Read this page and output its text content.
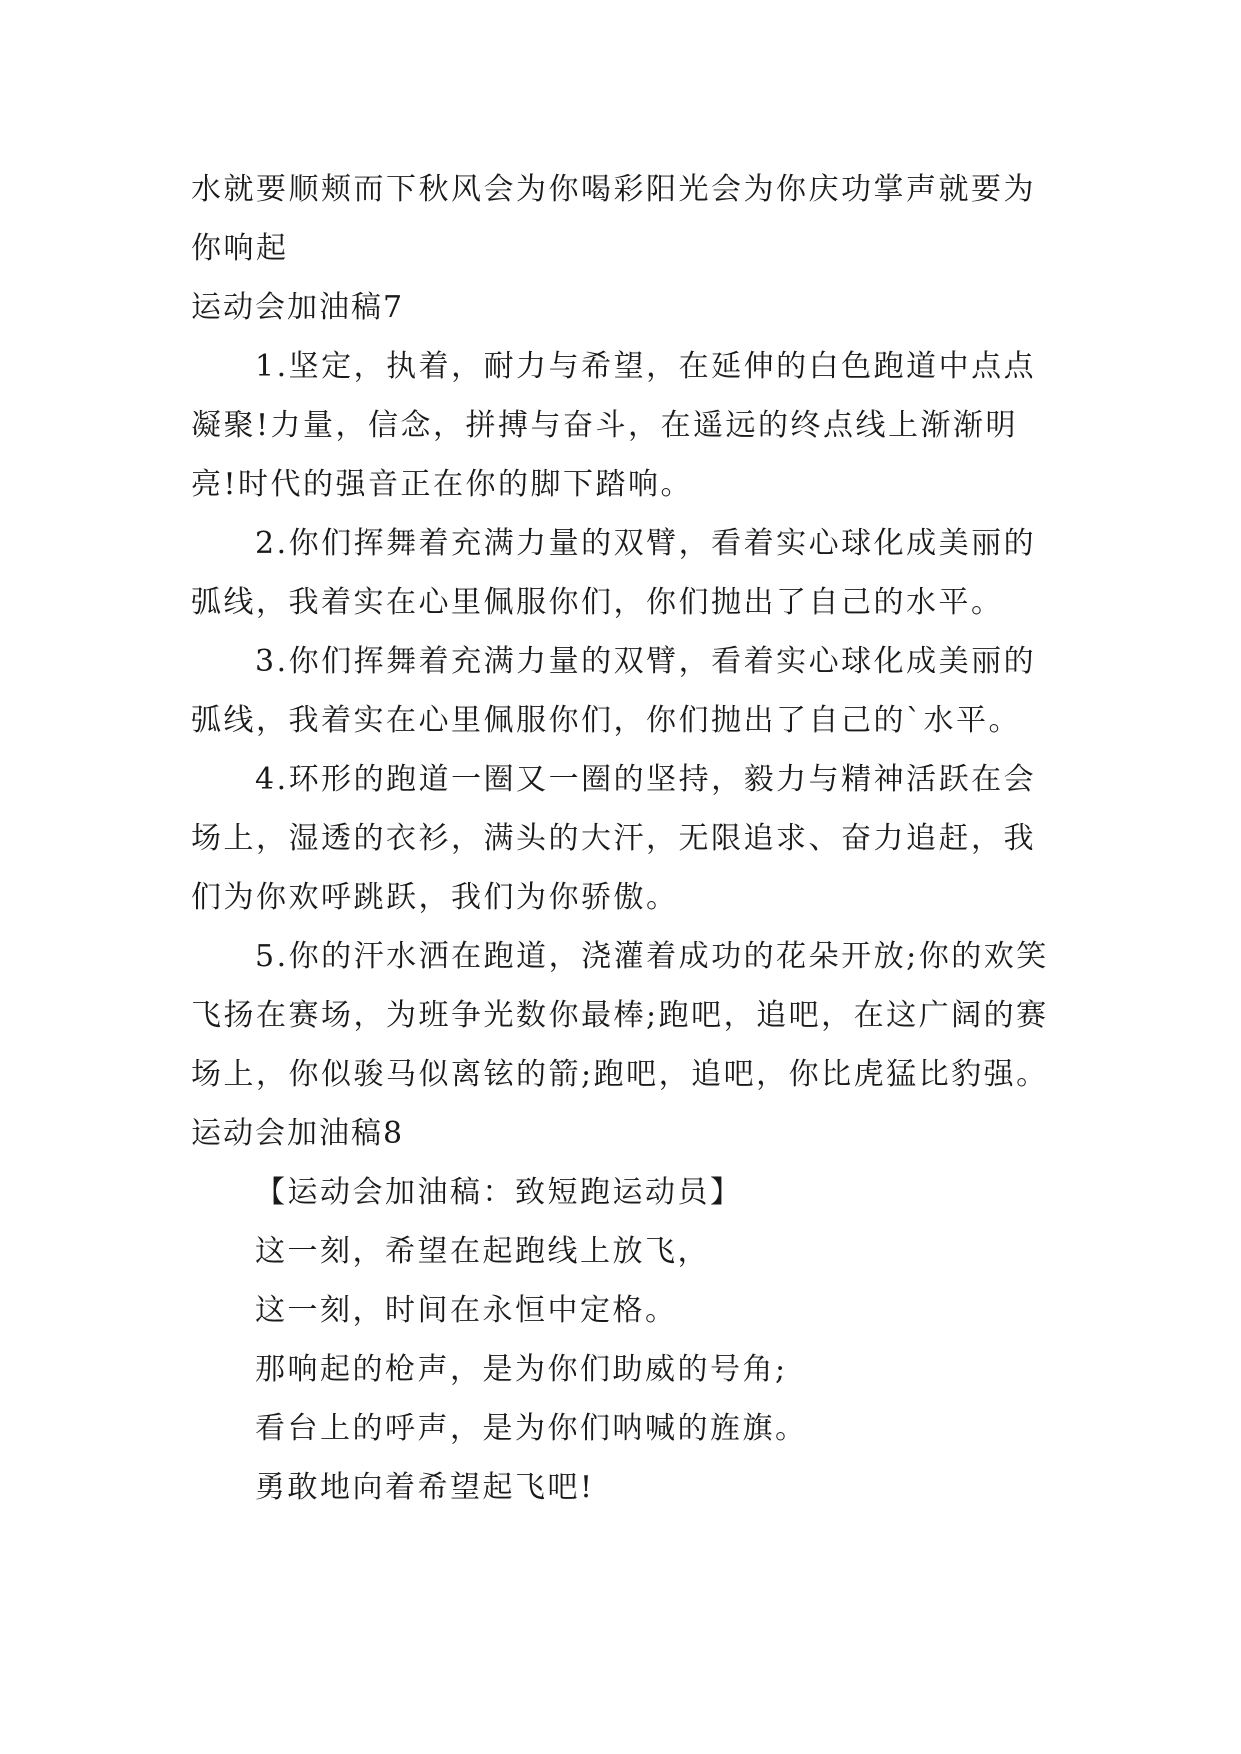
水就要顺颊而下秋风会为你喝彩阳光会为你庆功掌声就要为你响起

运动会加油稿7

1.坚定，执着，耐力与希望，在延伸的白色跑道中点点凝聚!力量，信念，拼搏与奋斗，在遥远的终点线上渐渐明亮!时代的强音正在你的脚下踏响。

2.你们挥舞着充满力量的双臂，看着实心球化成美丽的弧线，我着实在心里佩服你们，你们抛出了自己的水平。

3.你们挥舞着充满力量的双臂，看着实心球化成美丽的弧线，我着实在心里佩服你们，你们抛出了自己的`水平。

4.环形的跑道一圈又一圈的坚持，毅力与精神活跃在会场上，湿透的衣衫，满头的大汗，无限追求、奋力追赶，我们为你欢呼跳跃，我们为你骄傲。

5.你的汗水洒在跑道，浇灌着成功的花朵开放;你的欢笑飞扬在赛场，为班争光数你最棒;跑吧，追吧，在这广阔的赛场上，你似骏马似离铉的箭;跑吧，追吧，你比虎猛比豹强。

运动会加油稿8

【运动会加油稿：致短跑运动员】

这一刻，希望在起跑线上放飞，

这一刻，时间在永恒中定格。

那响起的枪声，是为你们助威的号角;

看台上的呼声，是为你们呐喊的旌旗。

勇敢地向着希望起飞吧!
